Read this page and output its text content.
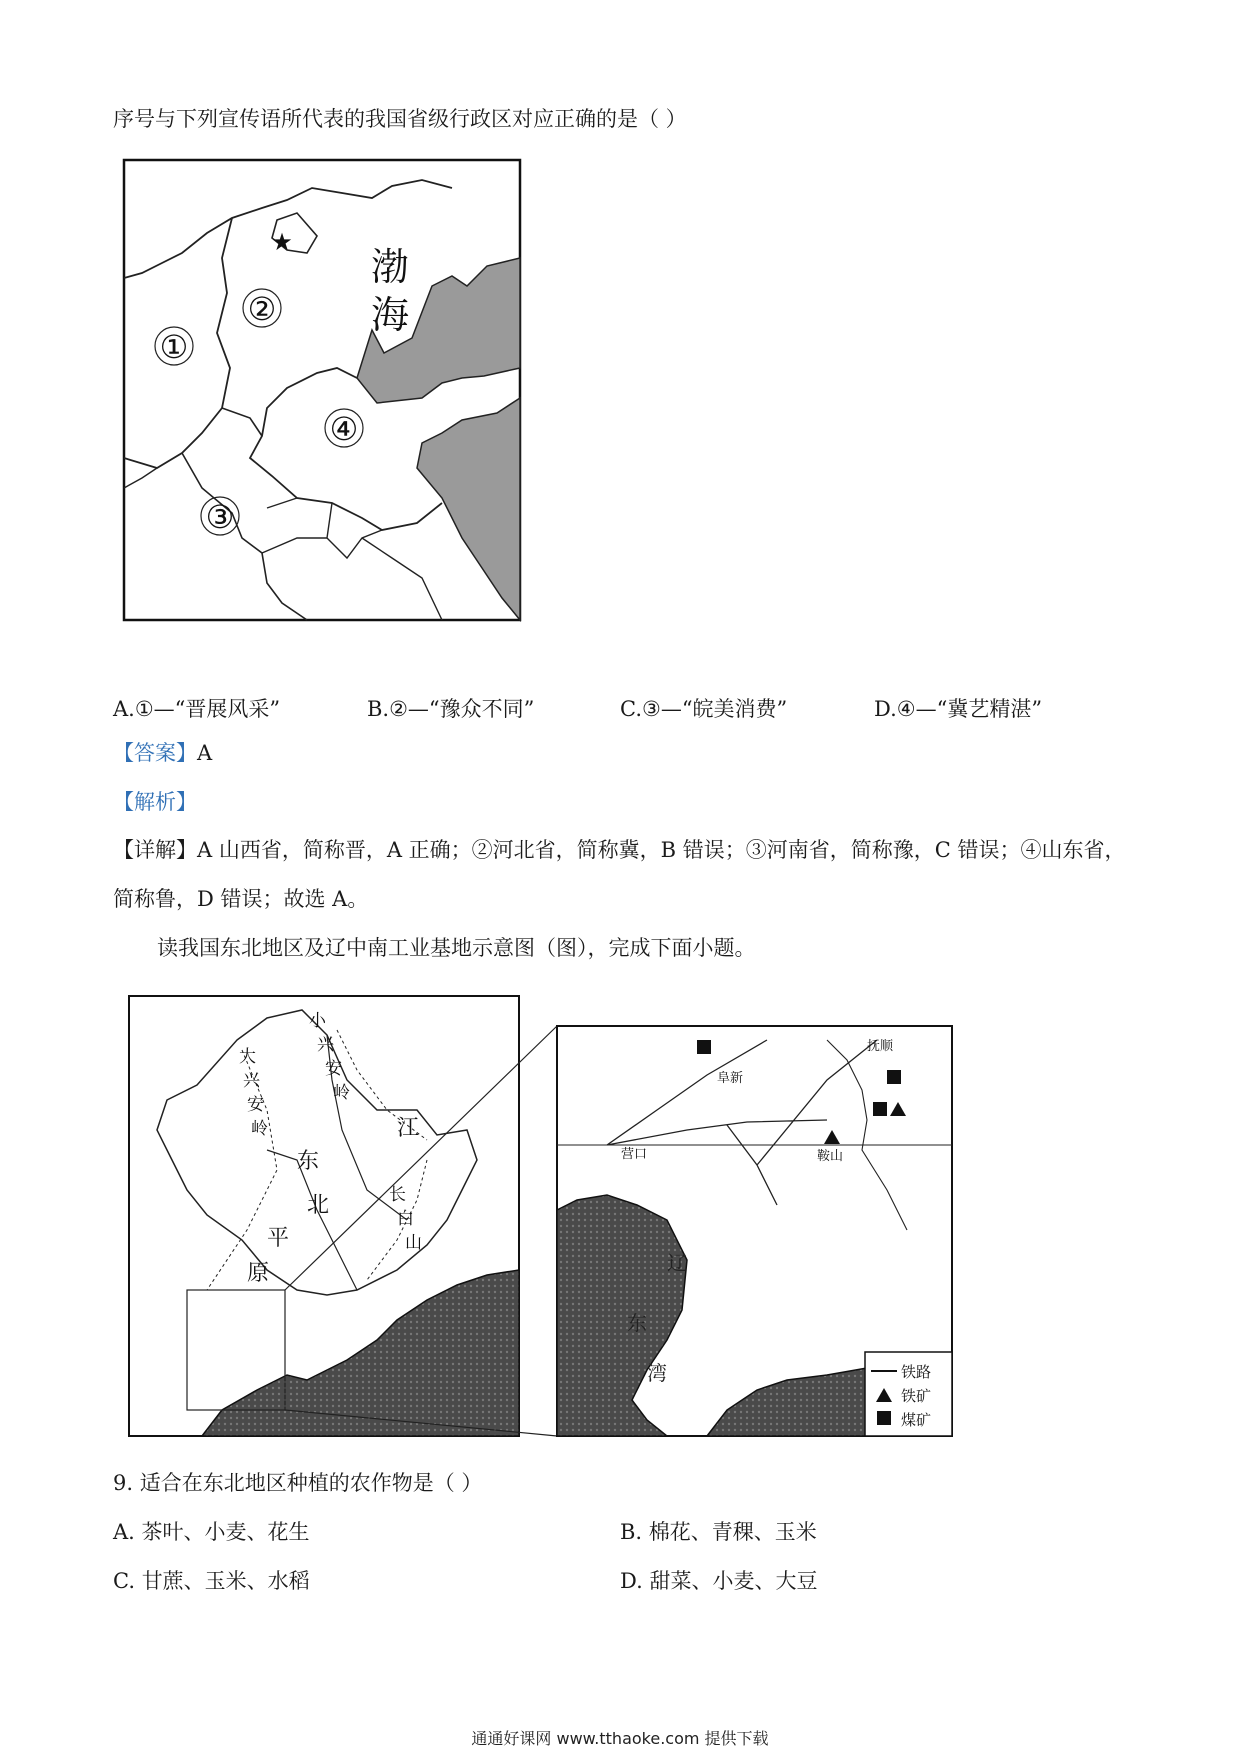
序号与下列宣传语所代表的我国省级行政区对应正确的是（ ）
★
①
②
③
④
渤
海
A.①—“晋展风采”	B.②—“豫众不同”	C.③—“皖美消费”	D.④—“冀艺精湛”
【答案】A
【解析】
【详解】A 山西省，简称晋，A 正确；②河北省，简称冀，B 错误；③河南省，简称豫，C 错误；④山东省，
简称鲁，D 错误；故选 A。
读我国东北地区及辽中南工业基地示意图（图），完成下面小题。
大
兴
安
岭
小
兴
安
岭
长
白
山
江
东
北
平
原
阜新
抚顺
鞍山
营口
辽
东
湾	铁路
铁矿
煤矿
9. 适合在东北地区种植的农作物是（ ）
A. 茶叶、小麦、花生	B. 棉花、青稞、玉米
C. 甘蔗、玉米、水稻	D. 甜菜、小麦、大豆
通通好课网 www.tthaoke.com 提供下载
